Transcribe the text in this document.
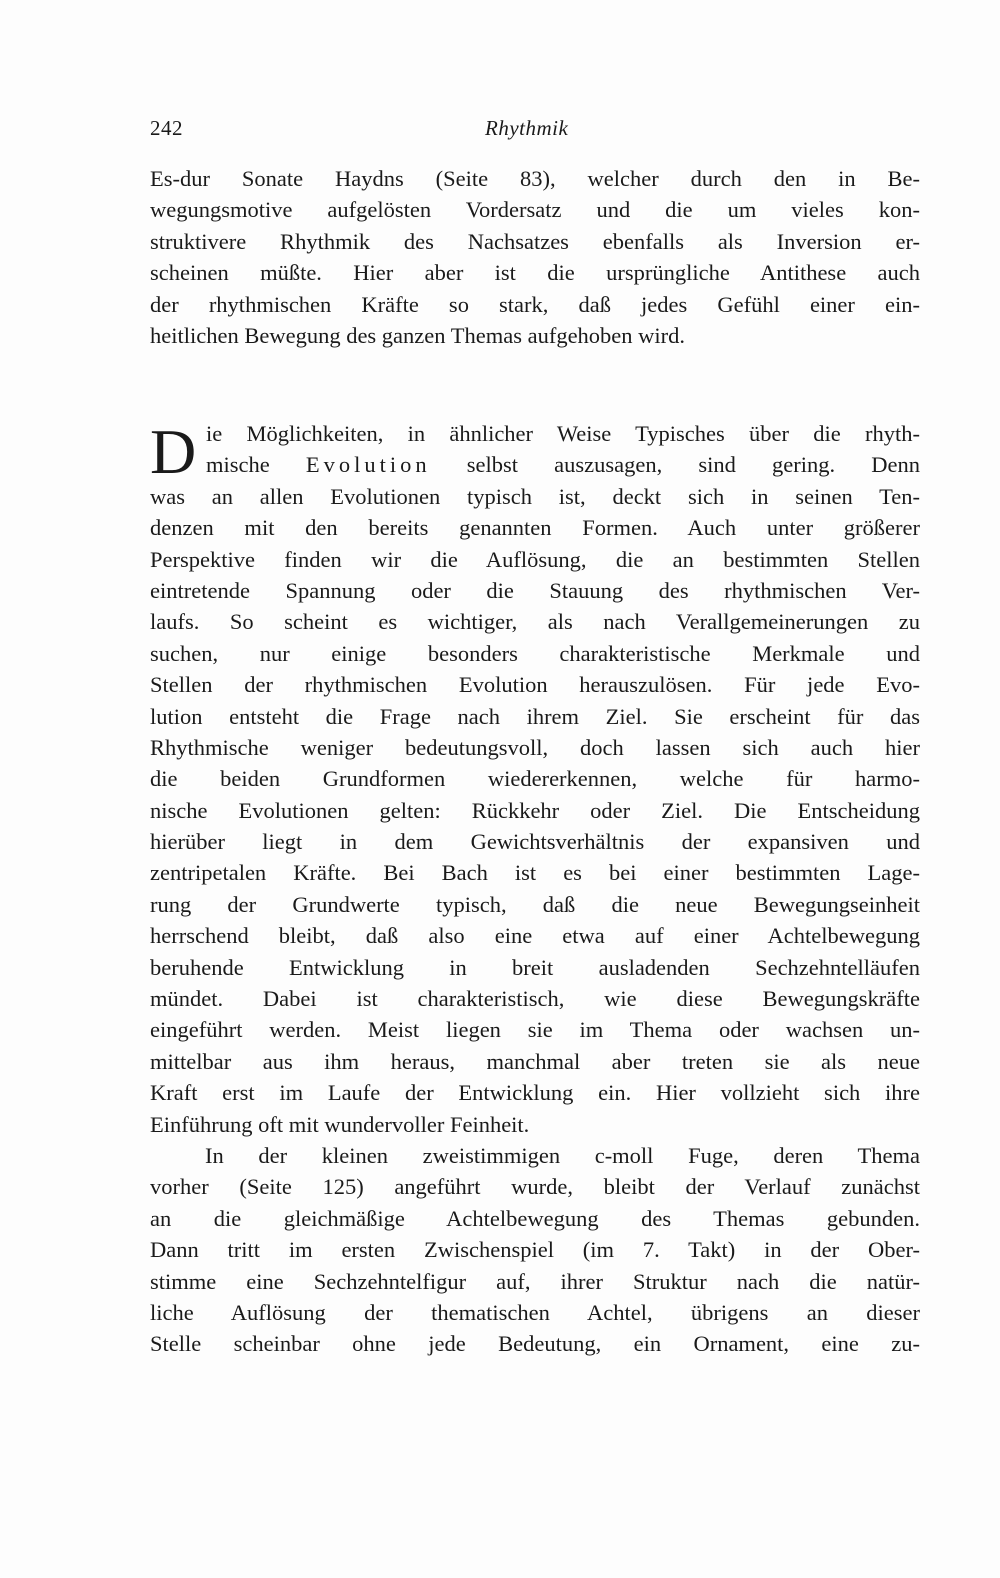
242	Rhythmik
Es-dur Sonate Haydns (Seite 83), welcher durch den in Be-
wegungsmotive aufgelösten Vordersatz und die um vieles kon-
struktivere Rhythmik des Nachsatzes ebenfalls als Inversion er-
scheinen müßte. Hier aber ist die ursprüngliche Antithese auch
der rhythmischen Kräfte so stark, daß jedes Gefühl einer ein-
heitlichen Bewegung des ganzen Themas aufgehoben wird.
D ie Möglichkeiten, in ähnlicher Weise Typisches über die rhyth-
mische Evolution selbst auszusagen, sind gering. Denn
was an allen Evolutionen typisch ist, deckt sich in seinen Ten-
denzen mit den bereits genannten Formen. Auch unter größerer
Perspektive finden wir die Auflösung, die an bestimmten Stellen
eintretende Spannung oder die Stauung des rhythmischen Ver-
laufs. So scheint es wichtiger, als nach Verallgemeinerungen zu
suchen, nur einige besonders charakteristische Merkmale und
Stellen der rhythmischen Evolution herauszulösen. Für jede Evo-
lution entsteht die Frage nach ihrem Ziel. Sie erscheint für das
Rhythmische weniger bedeutungsvoll, doch lassen sich auch hier
die beiden Grundformen wiedererkennen, welche für harmo-
nische Evolutionen gelten: Rückkehr oder Ziel. Die Entscheidung
hierüber liegt in dem Gewichtsverhältnis der expansiven und
zentripetalen Kräfte. Bei Bach ist es bei einer bestimmten Lage-
rung der Grundwerte typisch, daß die neue Bewegungseinheit
herrschend bleibt, daß also eine etwa auf einer Achtelbewegung
beruhende Entwicklung in breit ausladenden Sechzehntelläufen
mündet. Dabei ist charakteristisch, wie diese Bewegungskräfte
eingeführt werden. Meist liegen sie im Thema oder wachsen un-
mittelbar aus ihm heraus, manchmal aber treten sie als neue
Kraft erst im Laufe der Entwicklung ein. Hier vollzieht sich ihre
Einführung oft mit wundervoller Feinheit.
In der kleinen zweistimmigen c-moll Fuge, deren Thema
vorher (Seite 125) angeführt wurde, bleibt der Verlauf zunächst
an die gleichmäßige Achtelbewegung des Themas gebunden.
Dann tritt im ersten Zwischenspiel (im 7. Takt) in der Ober-
stimme eine Sechzehntelfigur auf, ihrer Struktur nach die natür-
liche Auflösung der thematischen Achtel, übrigens an dieser
Stelle scheinbar ohne jede Bedeutung, ein Ornament, eine zu-
